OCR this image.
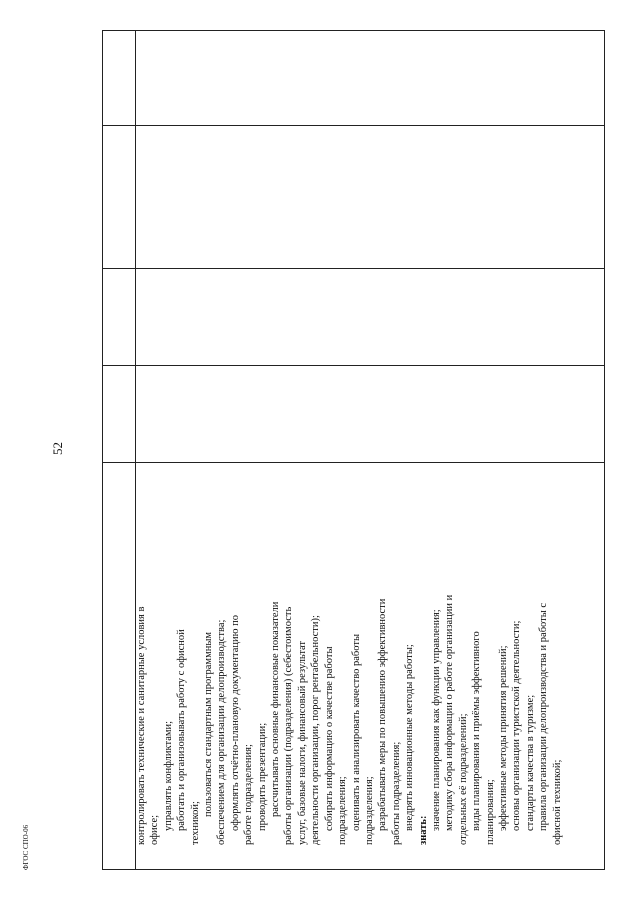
52
контролировать технические и санитарные условия в офисе; управлять конфликтами; работать и организовывать работу с офисной техникой;
пользоваться стандартным программным обеспечением для организации делопроизводства; оформлять отчётно-плановую документацию по работе подразделения; проводить презентации; рассчитывать основные финансовые показатели работы организации (подразделения) (себестоимость услуг, базовые налоги, финансовый результат деятельности организации, порог рентабельности); собирать информацию о качестве работы подразделения; оценивать и анализировать качество работы подразделения; разрабатывать меры по повышению эффективности работы подразделения; внедрять инновационные методы работы; знать: значение планирования как функции управления; методику сбора информации о работе организации и отдельных её подразделений; виды планирования и приёмы эффективного планирования; эффективные методы принятия решений; основы организации туристской деятельности; стандарты качества в туризме; правила организации делопроизводства и работы с офисной техникой;
ФГОС СПО-06
